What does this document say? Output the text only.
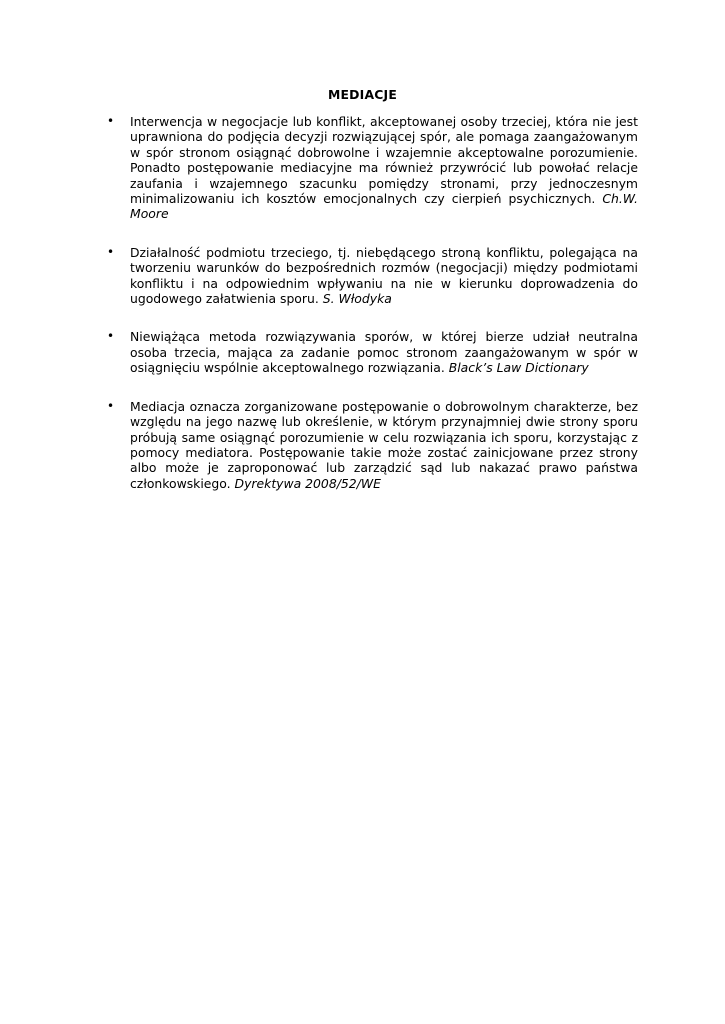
MEDIACJE
• Interwencja w negocjacje lub konflikt, akceptowanej osoby trzeciej, która nie jest uprawniona do podjęcia decyzji rozwiązującej spór, ale pomaga zaangażowanym w spór stronom osiągnąć dobrowolne i wzajemnie akceptowalne porozumienie. Ponadto postępowanie mediacyjne ma również przywrócić lub powołać relacje zaufania i wzajemnego szacunku pomiędzy stronami, przy jednoczesnym minimalizowaniu ich kosztów emocjonalnych czy cierpień psychicznych. Ch.W. Moore
• Działalność podmiotu trzeciego, tj. niebędącego stroną konfliktu, polegająca na tworzeniu warunków do bezpośrednich rozmów (negocjacji) między podmiotami konfliktu i na odpowiednim wpływaniu na nie w kierunku doprowadzenia do ugodowego załatwienia sporu. S. Włodyka
• Niewiążąca metoda rozwiązywania sporów, w której bierze udział neutralna osoba trzecia, mająca za zadanie pomoc stronom zaangażowanym w spór w osiągnięciu wspólnie akceptowalnego rozwiązania. Black’s Law Dictionary
• Mediacja oznacza zorganizowane postępowanie o dobrowolnym charakterze, bez względu na jego nazwę lub określenie, w którym przynajmniej dwie strony sporu próbują same osiągnąć porozumienie w celu rozwiązania ich sporu, korzystając z pomocy mediatora. Postępowanie takie może zostać zainicjowane przez strony albo może je zaproponować lub zarządzić sąd lub nakazać prawo państwa członkowskiego. Dyrektywa 2008/52/WE
